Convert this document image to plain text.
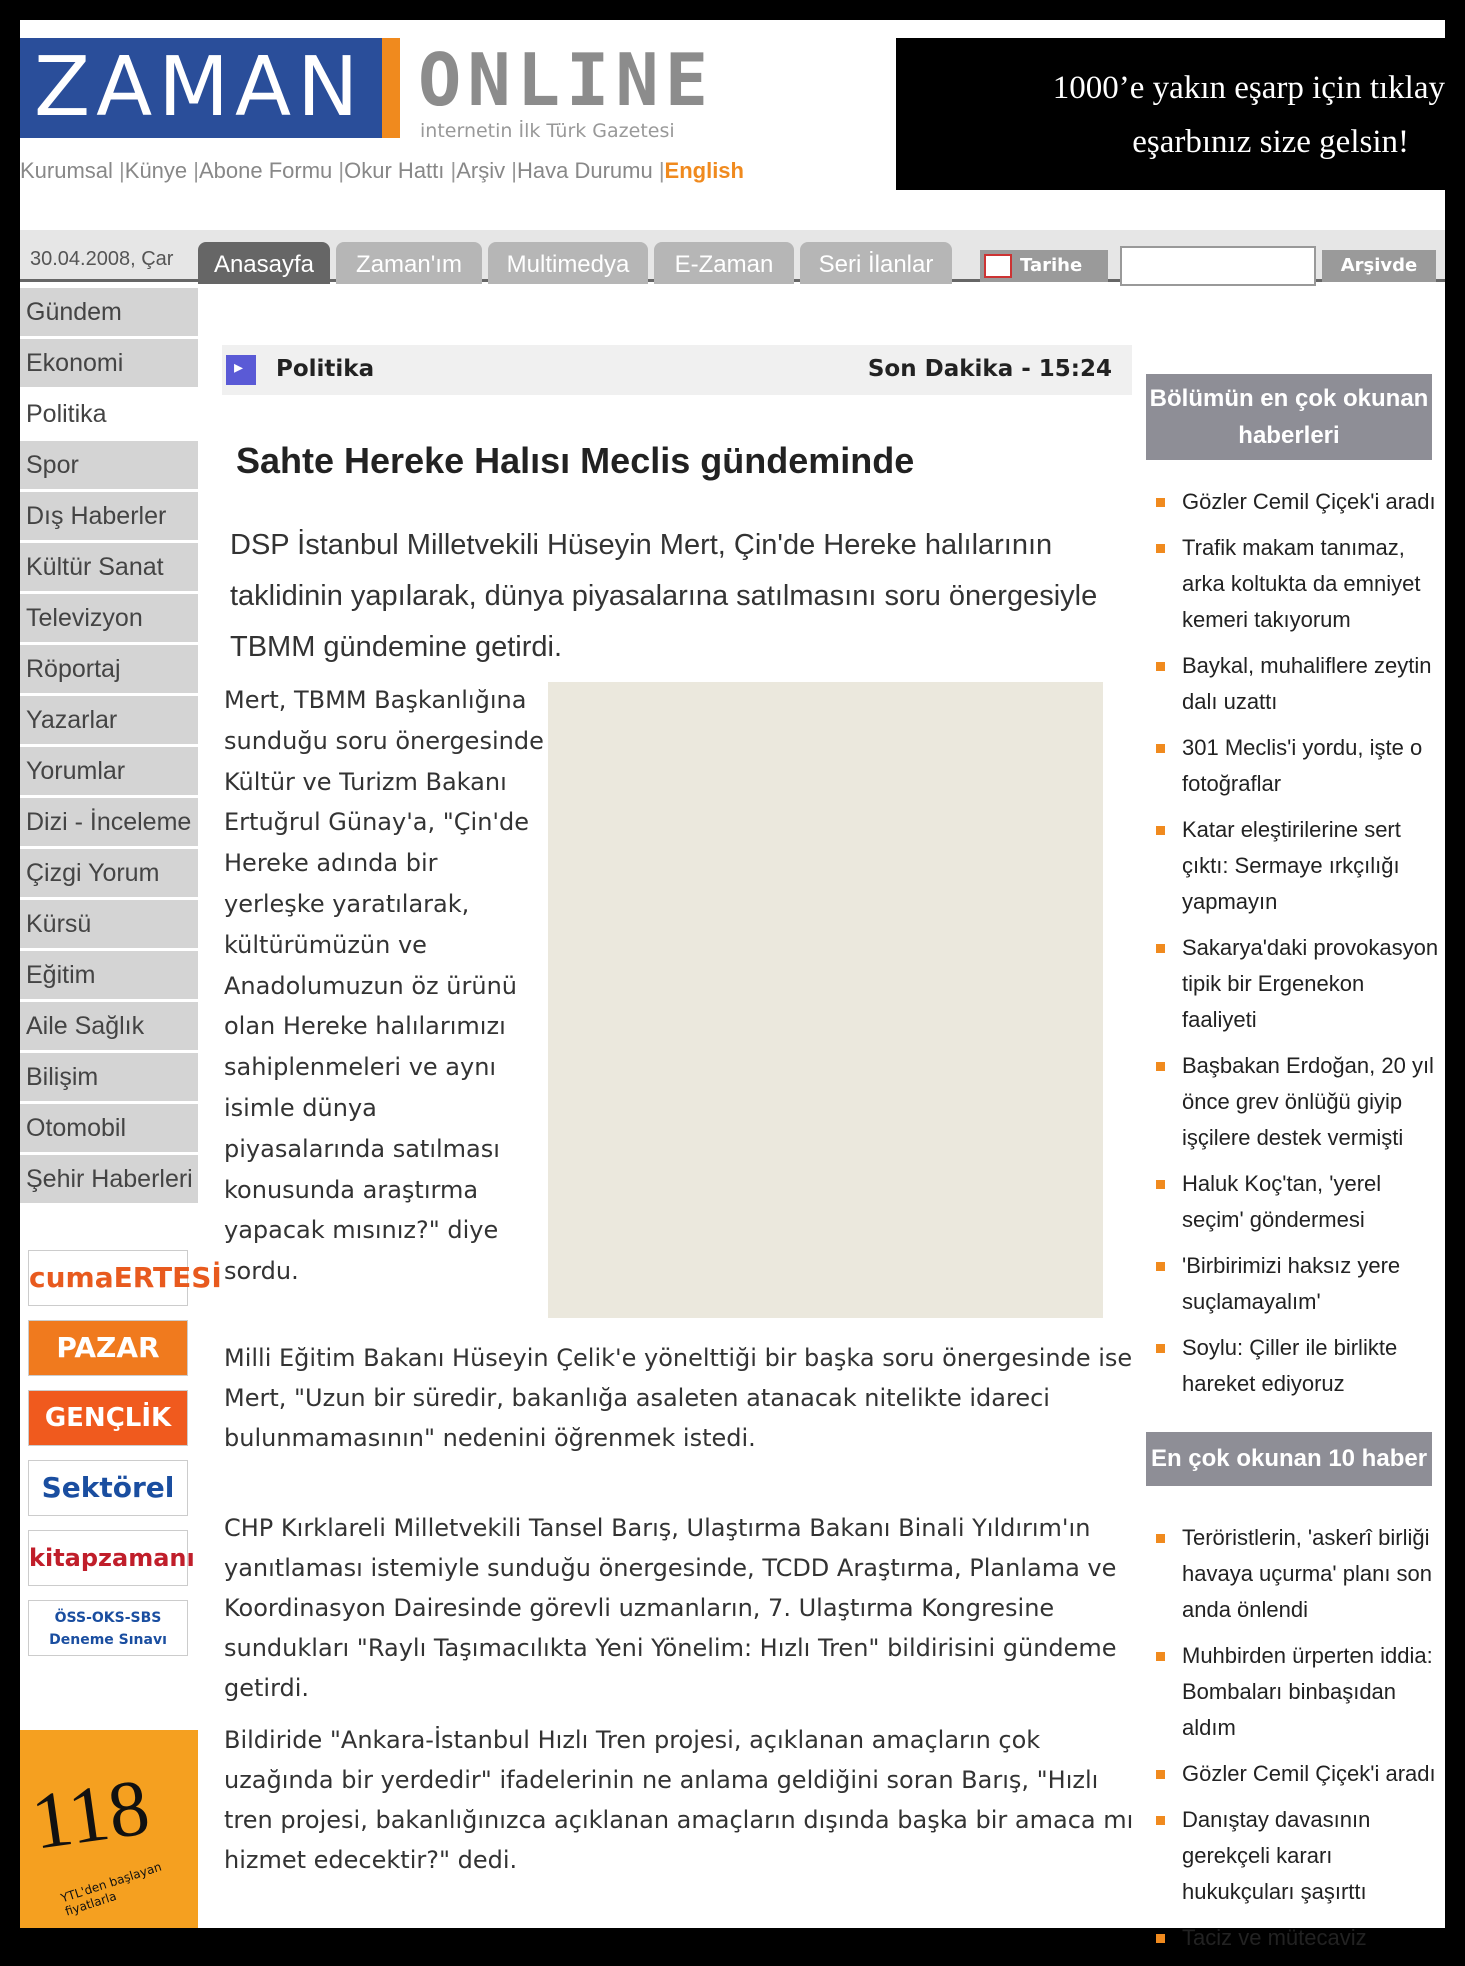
ZAMAN ONLINE
internetin İlk Türk Gazetesi
Kurumsal |Künye |Abone Formu |Okur Hattı |Arşiv |Hava Durumu |English
1000’e yakın eşarp için tıklay
eşarbınız size gelsin!
30.04.2008, Çar	Anasayfa	Zaman'ım	Multimedya	E-Zaman	Seri İlanlar	Tarihe git
Arşivde ara
Gündem
Ekonomi
Politika
Spor
Dış Haberler
Kültür Sanat
Televizyon
Röportaj
Yazarlar
Yorumlar
Dizi - İnceleme
Çizgi Yorum
Kürsü
Eğitim
Aile Sağlık
Bilişim
Otomobil
Şehir Haberleri
cumaERTESİ
PAZAR
GENÇLİK
Sektörel
kitapzamanı
ÖSS-OKS-SBS Deneme Sınavı
118
YTL'den başlayan fiyatlarla
▸
Politika	Son Dakika - 15:24
Sahte Hereke Halısı Meclis gündeminde
DSP İstanbul Milletvekili Hüseyin Mert, Çin'de Hereke halılarının taklidinin yapılarak, dünya piyasalarına satılmasını soru önergesiyle TBMM gündemine getirdi.
Mert, TBMM Başkanlığına sunduğu soru önergesinde Kültür ve Turizm Bakanı Ertuğrul Günay'a, "Çin'de Hereke adında bir yerleşke yaratılarak, kültürümüzün ve Anadolumuzun öz ürünü olan Hereke halılarımızı sahiplenmeleri ve aynı isimle dünya piyasalarında satılması konusunda araştırma yapacak mısınız?" diye sordu.
Milli Eğitim Bakanı Hüseyin Çelik'e yönelttiği bir başka soru önergesinde ise Mert, "Uzun bir süredir, bakanlığa asaleten atanacak nitelikte idareci bulunmamasının" nedenini öğrenmek istedi.
CHP Kırklareli Milletvekili Tansel Barış, Ulaştırma Bakanı Binali Yıldırım'ın yanıtlaması istemiyle sunduğu önergesinde, TCDD Araştırma, Planlama ve Koordinasyon Dairesinde görevli uzmanların, 7. Ulaştırma Kongresine sundukları "Raylı Taşımacılıkta Yeni Yönelim: Hızlı Tren" bildirisini gündeme getirdi.
Bildiride "Ankara-İstanbul Hızlı Tren projesi, açıklanan amaçların çok uzağında bir yerdedir" ifadelerinin ne anlama geldiğini soran Barış, "Hızlı tren projesi, bakanlığınızca açıklanan amaçların dışında başka bir amaca mı hizmet edecektir?" dedi.
Bölümün en çok okunan haberleri
Gözler Cemil Çiçek'i aradı
Trafik makam tanımaz, arka koltukta da emniyet kemeri takıyorum
Baykal, muhaliflere zeytin dalı uzattı
301 Meclis'i yordu, işte o fotoğraflar
Katar eleştirilerine sert çıktı: Sermaye ırkçılığı yapmayın
Sakarya'daki provokasyon tipik bir Ergenekon faaliyeti
Başbakan Erdoğan, 20 yıl önce grev önlüğü giyip işçilere destek vermişti
Haluk Koç'tan, 'yerel seçim' göndermesi
'Birbirimizi haksız yere suçlamayalım'
Soylu: Çiller ile birlikte hareket ediyoruz
En çok okunan 10 haber
Teröristlerin, 'askerî birliği havaya uçurma' planı son anda önlendi
Muhbirden ürperten iddia: Bombaları binbaşıdan aldım
Gözler Cemil Çiçek'i aradı
Danıştay davasının gerekçeli kararı hukukçuları şaşırttı
Taciz ve mütecaviz
